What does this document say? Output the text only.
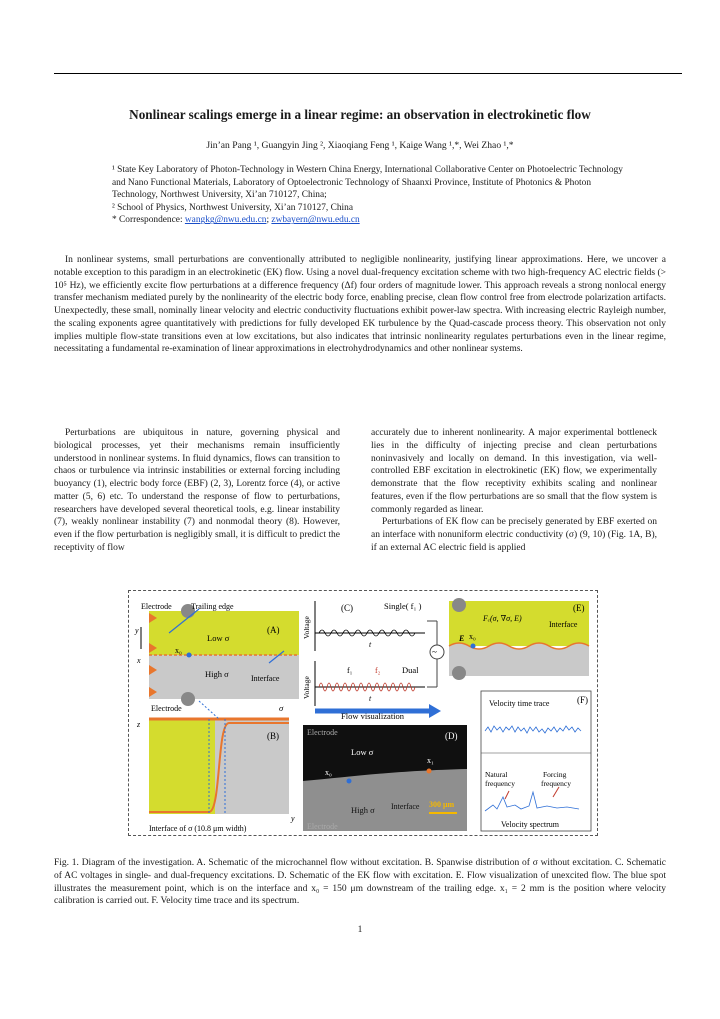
Nonlinear scalings emerge in a linear regime: an observation in electrokinetic flow
Jin’an Pang ¹, Guangyin Jing ², Xiaoqiang Feng ¹, Kaige Wang ¹,*, Wei Zhao ¹,*
¹ State Key Laboratory of Photon-Technology in Western China Energy, International Collaborative Center on Photoelectric Technology and Nano Functional Materials, Laboratory of Optoelectronic Technology of Shaanxi Province, Institute of Photonics & Photon Technology, Northwest University, Xi’an 710127, China;
² School of Physics, Northwest University, Xi’an 710127, China
* Correspondence: wangkg@nwu.edu.cn; zwbayern@nwu.edu.cn
In nonlinear systems, small perturbations are conventionally attributed to negligible nonlinearity, justifying linear approximations. Here, we uncover a notable exception to this paradigm in an electrokinetic (EK) flow. Using a novel dual-frequency excitation scheme with two high-frequency AC electric fields (> 10⁵ Hz), we efficiently excite flow perturbations at a difference frequency (Δf) four orders of magnitude lower. This approach reveals a strong nonlocal energy transfer mechanism mediated purely by the nonlinearity of the electric body force, enabling precise, clean flow control free from electrode polarization artifacts. Unexpectedly, these small, nominally linear velocity and electric conductivity fluctuations exhibit power-law spectra. With increasing electric Rayleigh number, the scaling exponents agree quantitatively with predictions for fully developed EK turbulence by the Quad-cascade process theory. This observation not only implies multiple flow-state transitions even at low excitations, but also indicates that intrinsic nonlinearity regulates perturbations even in the linear regime, necessitating a fundamental re-examination of linear approximations in electrohydrodynamics and other nonlinear systems.

Perturbations are ubiquitous in nature, governing physical and biological processes, yet their mechanisms remain insufficiently understood in nonlinear systems. In fluid dynamics, flows can transition to chaos or turbulence via intrinsic instabilities or external forcing including buoyancy (1), electric body force (EBF) (2, 3), Lorentz force (4), or active matter (5, 6) etc. To understand the response of flow to perturbations, researchers have developed several theoretical tools, e.g. linear instability (7), weakly nonlinear instability (7) and nonmodal theory (8). However, even if the flow perturbation is negligibly small, it is difficult to predict the receptivity of flow

accurately due to inherent nonlinearity. A major experimental bottleneck lies in the difficulty of injecting precise and clean perturbations noninvasively and locally on demand. In this investigation, via well-controlled EBF excitation in electrokinetic (EK) flow, we experimentally demonstrate that the flow receptivity exhibits scaling and nonlinear features, even if the flow perturbations are so small that the flow system is commonly regarded as linear.

Perturbations of EK flow can be precisely generated by EBF exerted on an interface with nonuniform electric conductivity (σ) (9, 10) (Fig. 1A, B), if an external AC electric field is applied

(A)
Electrode Trailing edge
Low σ
High σ	Interface
Electrode
x₀
y
x
(B)
z
y
σ
Interface of σ (10.8 μm width)
Voltage
Voltage
(C)	Single( f₁ )
Dual
f₁	f₂
t
t
~
(E)
Interface
Fₑ(σ, ∇σ, E)
E x₀
Flow visualization
(D)
Electrode
Electrode
Low σ
High σ Interface
x₀
x₁
300 μm
(F)
Velocity time trace
Natural
frequency
Forcing
frequency
Velocity spectrum
Fig. 1. Diagram of the investigation. A. Schematic of the microchannel flow without excitation. B. Spanwise distribution of σ without excitation. C. Schematic of AC voltages in single- and dual-frequency excitations. D. Schematic of the EK flow with excitation. E. Flow visualization of unexcited flow. The blue spot illustrates the measurement point, which is on the interface and x₀ = 150 μm downstream of the trailing edge. x₁ = 2 mm is the position where velocity calibration is carried out. F. Velocity time trace and its spectrum.
1
